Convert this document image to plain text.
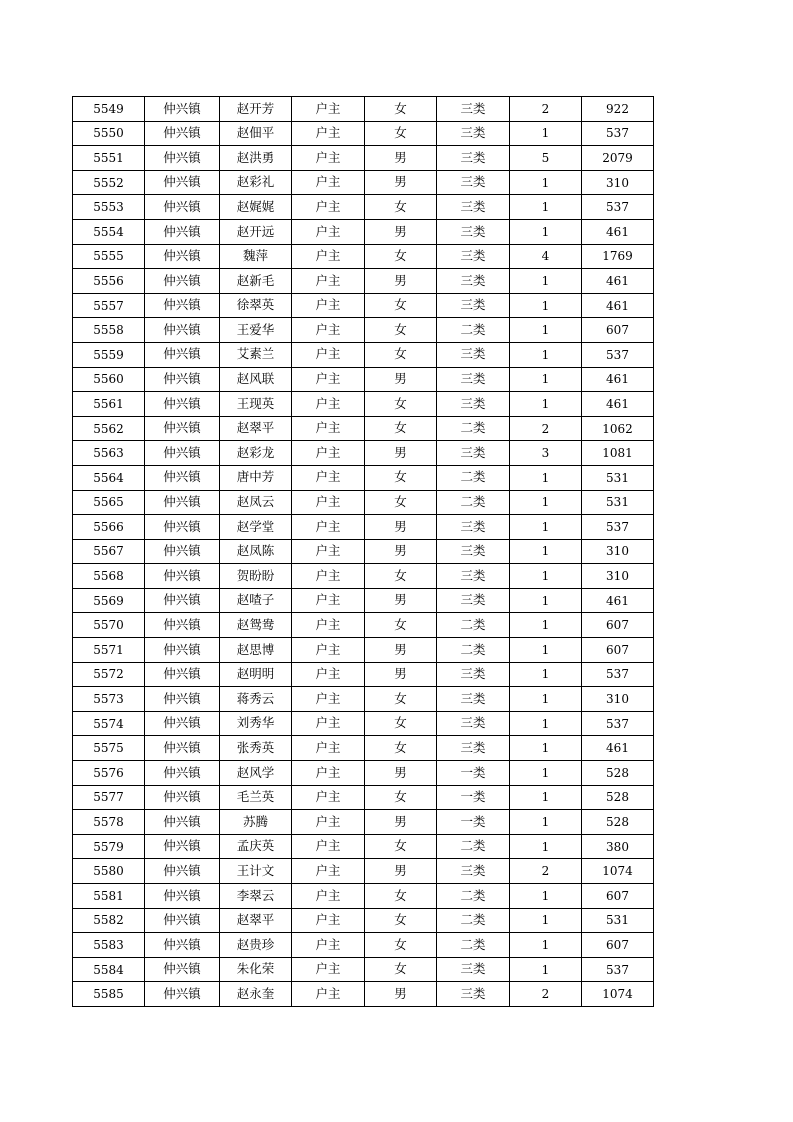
5549	仲兴镇	赵开芳	户主	女	三类	2	922
5550	仲兴镇	赵佃平	户主	女	三类	1	537
5551	仲兴镇	赵洪勇	户主	男	三类	5	2079
5552	仲兴镇	赵彩礼	户主	男	三类	1	310
5553	仲兴镇	赵娓娓	户主	女	三类	1	537
5554	仲兴镇	赵开远	户主	男	三类	1	461
5555	仲兴镇	魏萍	户主	女	三类	4	1769
5556	仲兴镇	赵新毛	户主	男	三类	1	461
5557	仲兴镇	徐翠英	户主	女	三类	1	461
5558	仲兴镇	王爱华	户主	女	二类	1	607
5559	仲兴镇	艾素兰	户主	女	三类	1	537
5560	仲兴镇	赵风联	户主	男	三类	1	461
5561	仲兴镇	王现英	户主	女	三类	1	461
5562	仲兴镇	赵翠平	户主	女	二类	2	1062
5563	仲兴镇	赵彩龙	户主	男	三类	3	1081
5564	仲兴镇	唐中芳	户主	女	二类	1	531
5565	仲兴镇	赵凤云	户主	女	二类	1	531
5566	仲兴镇	赵学堂	户主	男	三类	1	537
5567	仲兴镇	赵凤陈	户主	男	三类	1	310
5568	仲兴镇	贺盼盼	户主	女	三类	1	310
5569	仲兴镇	赵喳子	户主	男	三类	1	461
5570	仲兴镇	赵鸳鸯	户主	女	二类	1	607
5571	仲兴镇	赵思博	户主	男	二类	1	607
5572	仲兴镇	赵明明	户主	男	三类	1	537
5573	仲兴镇	蒋秀云	户主	女	三类	1	310
5574	仲兴镇	刘秀华	户主	女	三类	1	537
5575	仲兴镇	张秀英	户主	女	三类	1	461
5576	仲兴镇	赵风学	户主	男	一类	1	528
5577	仲兴镇	毛兰英	户主	女	一类	1	528
5578	仲兴镇	苏腾	户主	男	一类	1	528
5579	仲兴镇	孟庆英	户主	女	二类	1	380
5580	仲兴镇	王计文	户主	男	三类	2	1074
5581	仲兴镇	李翠云	户主	女	二类	1	607
5582	仲兴镇	赵翠平	户主	女	二类	1	531
5583	仲兴镇	赵贵珍	户主	女	二类	1	607
5584	仲兴镇	朱化荣	户主	女	三类	1	537
5585	仲兴镇	赵永奎	户主	男	三类	2	1074
